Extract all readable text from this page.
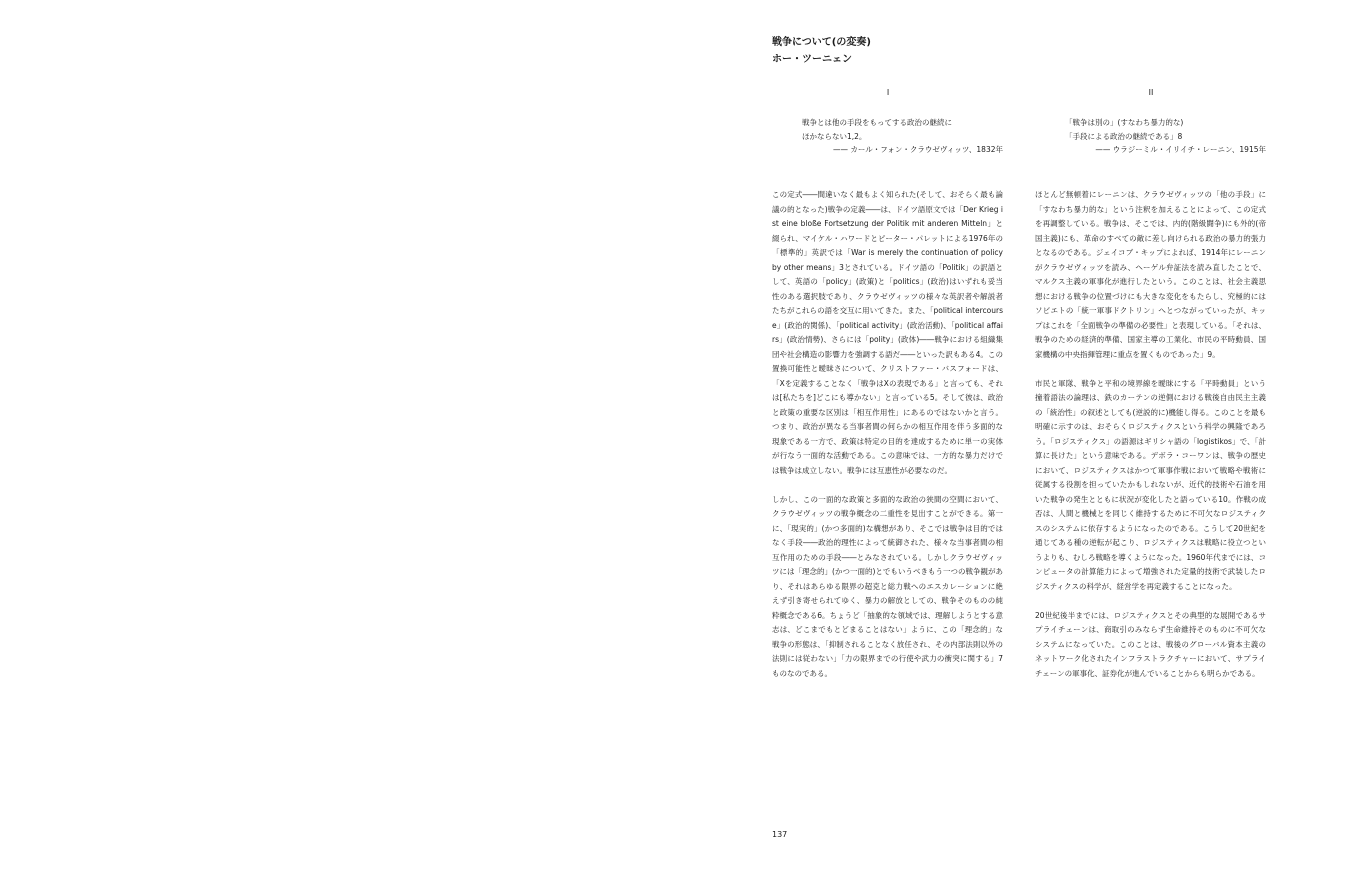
戦争について(の変奏)
ホー・ツーニェン
I	II
戦争とは他の手段をもってする政治の継続に
ほかならない1,2。
—— カール・フォン・クラウゼヴィッツ、1832年
「戦争は別の」(すなわち暴力的な)
「手段による政治の継続である」8
—— ウラジーミル・イリイチ・レーニン、1915年

この定式――間違いなく最もよく知られた(そして、おそらく最も論議の的となった)戦争の定義――は、ドイツ語原文では「Der Krieg ist eine bloße Fortsetzung der Politik mit anderen Mitteln」と綴られ、マイケル・ハワードとピーター・パレットによる1976年の「標準的」英訳では「War is merely the continuation of policy by other means」3とされている。ドイツ語の「Politik」の訳語として、英語の「policy」(政策)と「politics」(政治)はいずれも妥当性のある選択肢であり、クラウゼヴィッツの様々な英訳者や解説者たちがこれらの語を交互に用いてきた。また、「political intercourse」(政治的関係)、「political activity」(政治活動)、「political affairs」(政治情勢)、さらには「polity」(政体)――戦争における組織集団や社会構造の影響力を強調する語だ――といった訳もある4。この置換可能性と曖昧さについて、クリストファー・バスフォードは、「Xを定義することなく「戦争はXの表現である」と言っても、それは[私たちを]どこにも導かない」と言っている5。そして彼は、政治と政策の重要な区別は「相互作用性」にあるのではないかと言う。つまり、政治が異なる当事者間の何らかの相互作用を伴う多面的な現象である一方で、政策は特定の目的を達成するために単一の実体が行なう一面的な活動である。この意味では、一方的な暴力だけでは戦争は成立しない。戦争には互恵性が必要なのだ。

しかし、この一面的な政策と多面的な政治の狭間の空間において、クラウゼヴィッツの戦争概念の二重性を見出すことができる。第一に、「現実的」(かつ多面的)な構想があり、そこでは戦争は目的ではなく手段――政治的理性によって統御された、様々な当事者間の相互作用のための手段――とみなされている。しかしクラウゼヴィッツには「理念的」(かつ一面的)とでもいうべきもう一つの戦争観があり、それはあらゆる限界の超克と総力戦へのエスカレーションに絶えず引き寄せられてゆく、暴力の解放としての、戦争そのものの純粋概念である6。ちょうど「抽象的な領域では、理解しようとする意志は、どこまでもとどまることはない」ように、この「理念的」な戦争の形態は、「抑制されることなく放任され、その内部法則以外の法則には従わない」「力の限界までの行使や武力の衝突に関する」7ものなのである。

ほとんど無頓着にレーニンは、クラウゼヴィッツの「他の手段」に「すなわち暴力的な」という注釈を加えることによって、この定式を再調整している。戦争は、そこでは、内的(階級闘争)にも外的(帝国主義)にも、革命のすべての敵に差し向けられる政治の暴力的張力となるのである。ジェイコブ・キップによれば、1914年にレーニンがクラウゼヴィッツを読み、ヘーゲル弁証法を読み直したことで、マルクス主義の軍事化が進行したという。このことは、社会主義思想における戦争の位置づけにも大きな変化をもたらし、究極的にはソビエトの「統一軍事ドクトリン」へとつながっていったが、キップはこれを「全面戦争の準備の必要性」と表現している。「それは、戦争のための経済的準備、国家主導の工業化、市民の平時動員、国家機構の中央指揮管理に重点を置くものであった」9。

市民と軍隊、戦争と平和の境界線を曖昧にする「平時動員」という撞着語法の論理は、鉄のカーテンの逆側における戦後自由民主主義の「統治性」の叙述としても(逆説的に)機能し得る。このことを最も明確に示すのは、おそらくロジスティクスという科学の興隆であろう。「ロジスティクス」の語源はギリシャ語の「logistikos」で、「計算に長けた」という意味である。デボラ・コーワンは、戦争の歴史において、ロジスティクスはかつて軍事作戦において戦略や戦術に従属する役割を担っていたかもしれないが、近代的技術や石油を用いた戦争の発生とともに状況が変化したと語っている10。作戦の成否は、人間と機械とを同じく維持するために不可欠なロジスティクスのシステムに依存するようになったのである。こうして20世紀を通じてある種の逆転が起こり、ロジスティクスは戦略に役立つというよりも、むしろ戦略を導くようになった。1960年代までには、コンピュータの計算能力によって増強された定量的技術で武装したロジスティクスの科学が、経営学を再定義することになった。

20世紀後半までには、ロジスティクスとその典型的な展開であるサプライチェーンは、商取引のみならず生命維持そのものに不可欠なシステムになっていた。このことは、戦後のグローバル資本主義のネットワーク化されたインフラストラクチャーにおいて、サプライチェーンの軍事化、証券化が進んでいることからも明らかである。

137
